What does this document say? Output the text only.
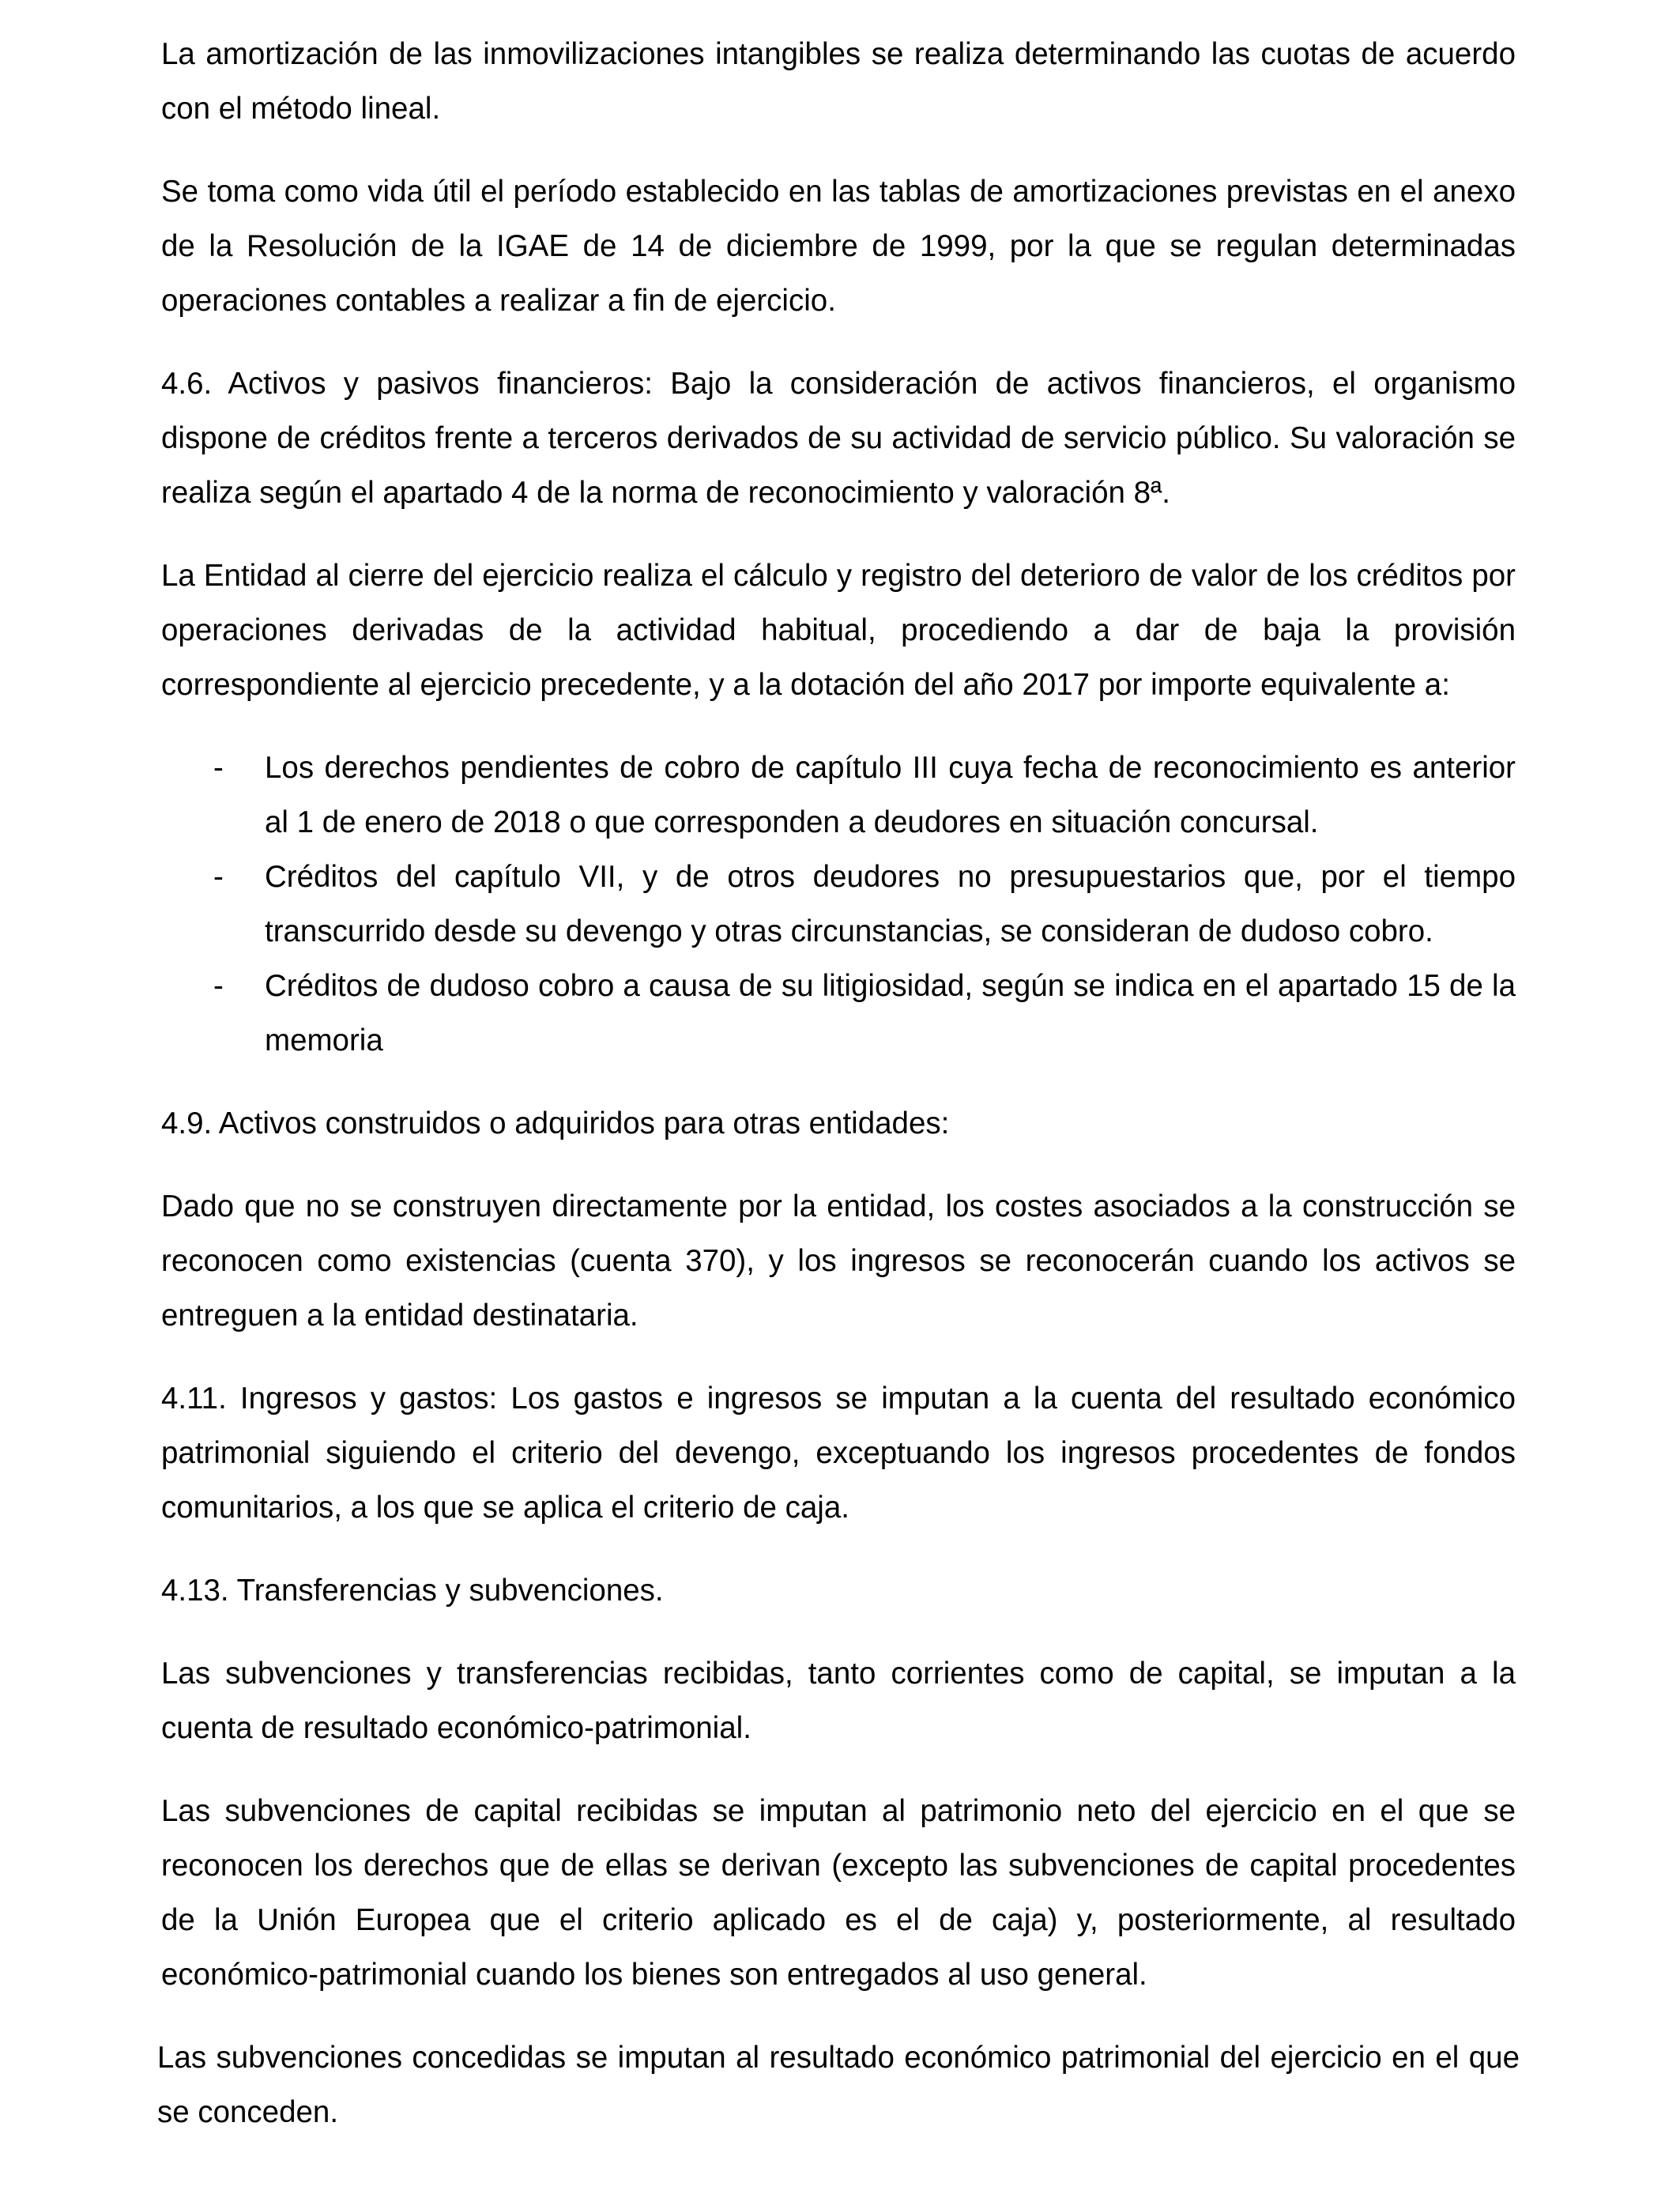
La amortización de las inmovilizaciones intangibles se realiza determinando las cuotas de acuerdo con el método lineal.

Se toma como vida útil el período establecido en las tablas de amortizaciones previstas en el anexo de la Resolución de la IGAE de 14 de diciembre de 1999, por la que se regulan determinadas operaciones contables a realizar a fin de ejercicio.

4.6. Activos y pasivos financieros: Bajo la consideración de activos financieros, el organismo dispone de créditos frente a terceros derivados de su actividad de servicio público. Su valoración se realiza según el apartado 4 de la norma de reconocimiento y valoración 8ª.

La Entidad al cierre del ejercicio realiza el cálculo y registro del deterioro de valor de los créditos por operaciones derivadas de la actividad habitual, procediendo a dar de baja la provisión correspondiente al ejercicio precedente, y a la dotación del año 2017 por importe equivalente a:

- Los derechos pendientes de cobro de capítulo III cuya fecha de reconocimiento es anterior al 1 de enero de 2018 o que corresponden a deudores en situación concursal.
- Créditos del capítulo VII, y de otros deudores no presupuestarios que, por el tiempo transcurrido desde su devengo y otras circunstancias, se consideran de dudoso cobro.
- Créditos de dudoso cobro a causa de su litigiosidad, según se indica en el apartado 15 de la memoria

4.9. Activos construidos o adquiridos para otras entidades:

Dado que no se construyen directamente por la entidad, los costes asociados a la construcción se reconocen como existencias (cuenta 370), y los ingresos se reconocerán cuando los activos se entreguen a la entidad destinataria.

4.11. Ingresos y gastos: Los gastos e ingresos se imputan a la cuenta del resultado económico patrimonial siguiendo el criterio del devengo, exceptuando los ingresos procedentes de fondos comunitarios, a los que se aplica el criterio de caja.

4.13. Transferencias y subvenciones.

Las subvenciones y transferencias recibidas, tanto corrientes como de capital, se imputan a la cuenta de resultado económico-patrimonial.

Las subvenciones de capital recibidas se imputan al patrimonio neto del ejercicio en el que se reconocen los derechos que de ellas se derivan (excepto las subvenciones de capital procedentes de la Unión Europea que el criterio aplicado es el de caja) y, posteriormente, al resultado económico-patrimonial cuando los bienes son entregados al uso general.

Las subvenciones concedidas se imputan al resultado económico patrimonial del ejercicio en el que se conceden.
